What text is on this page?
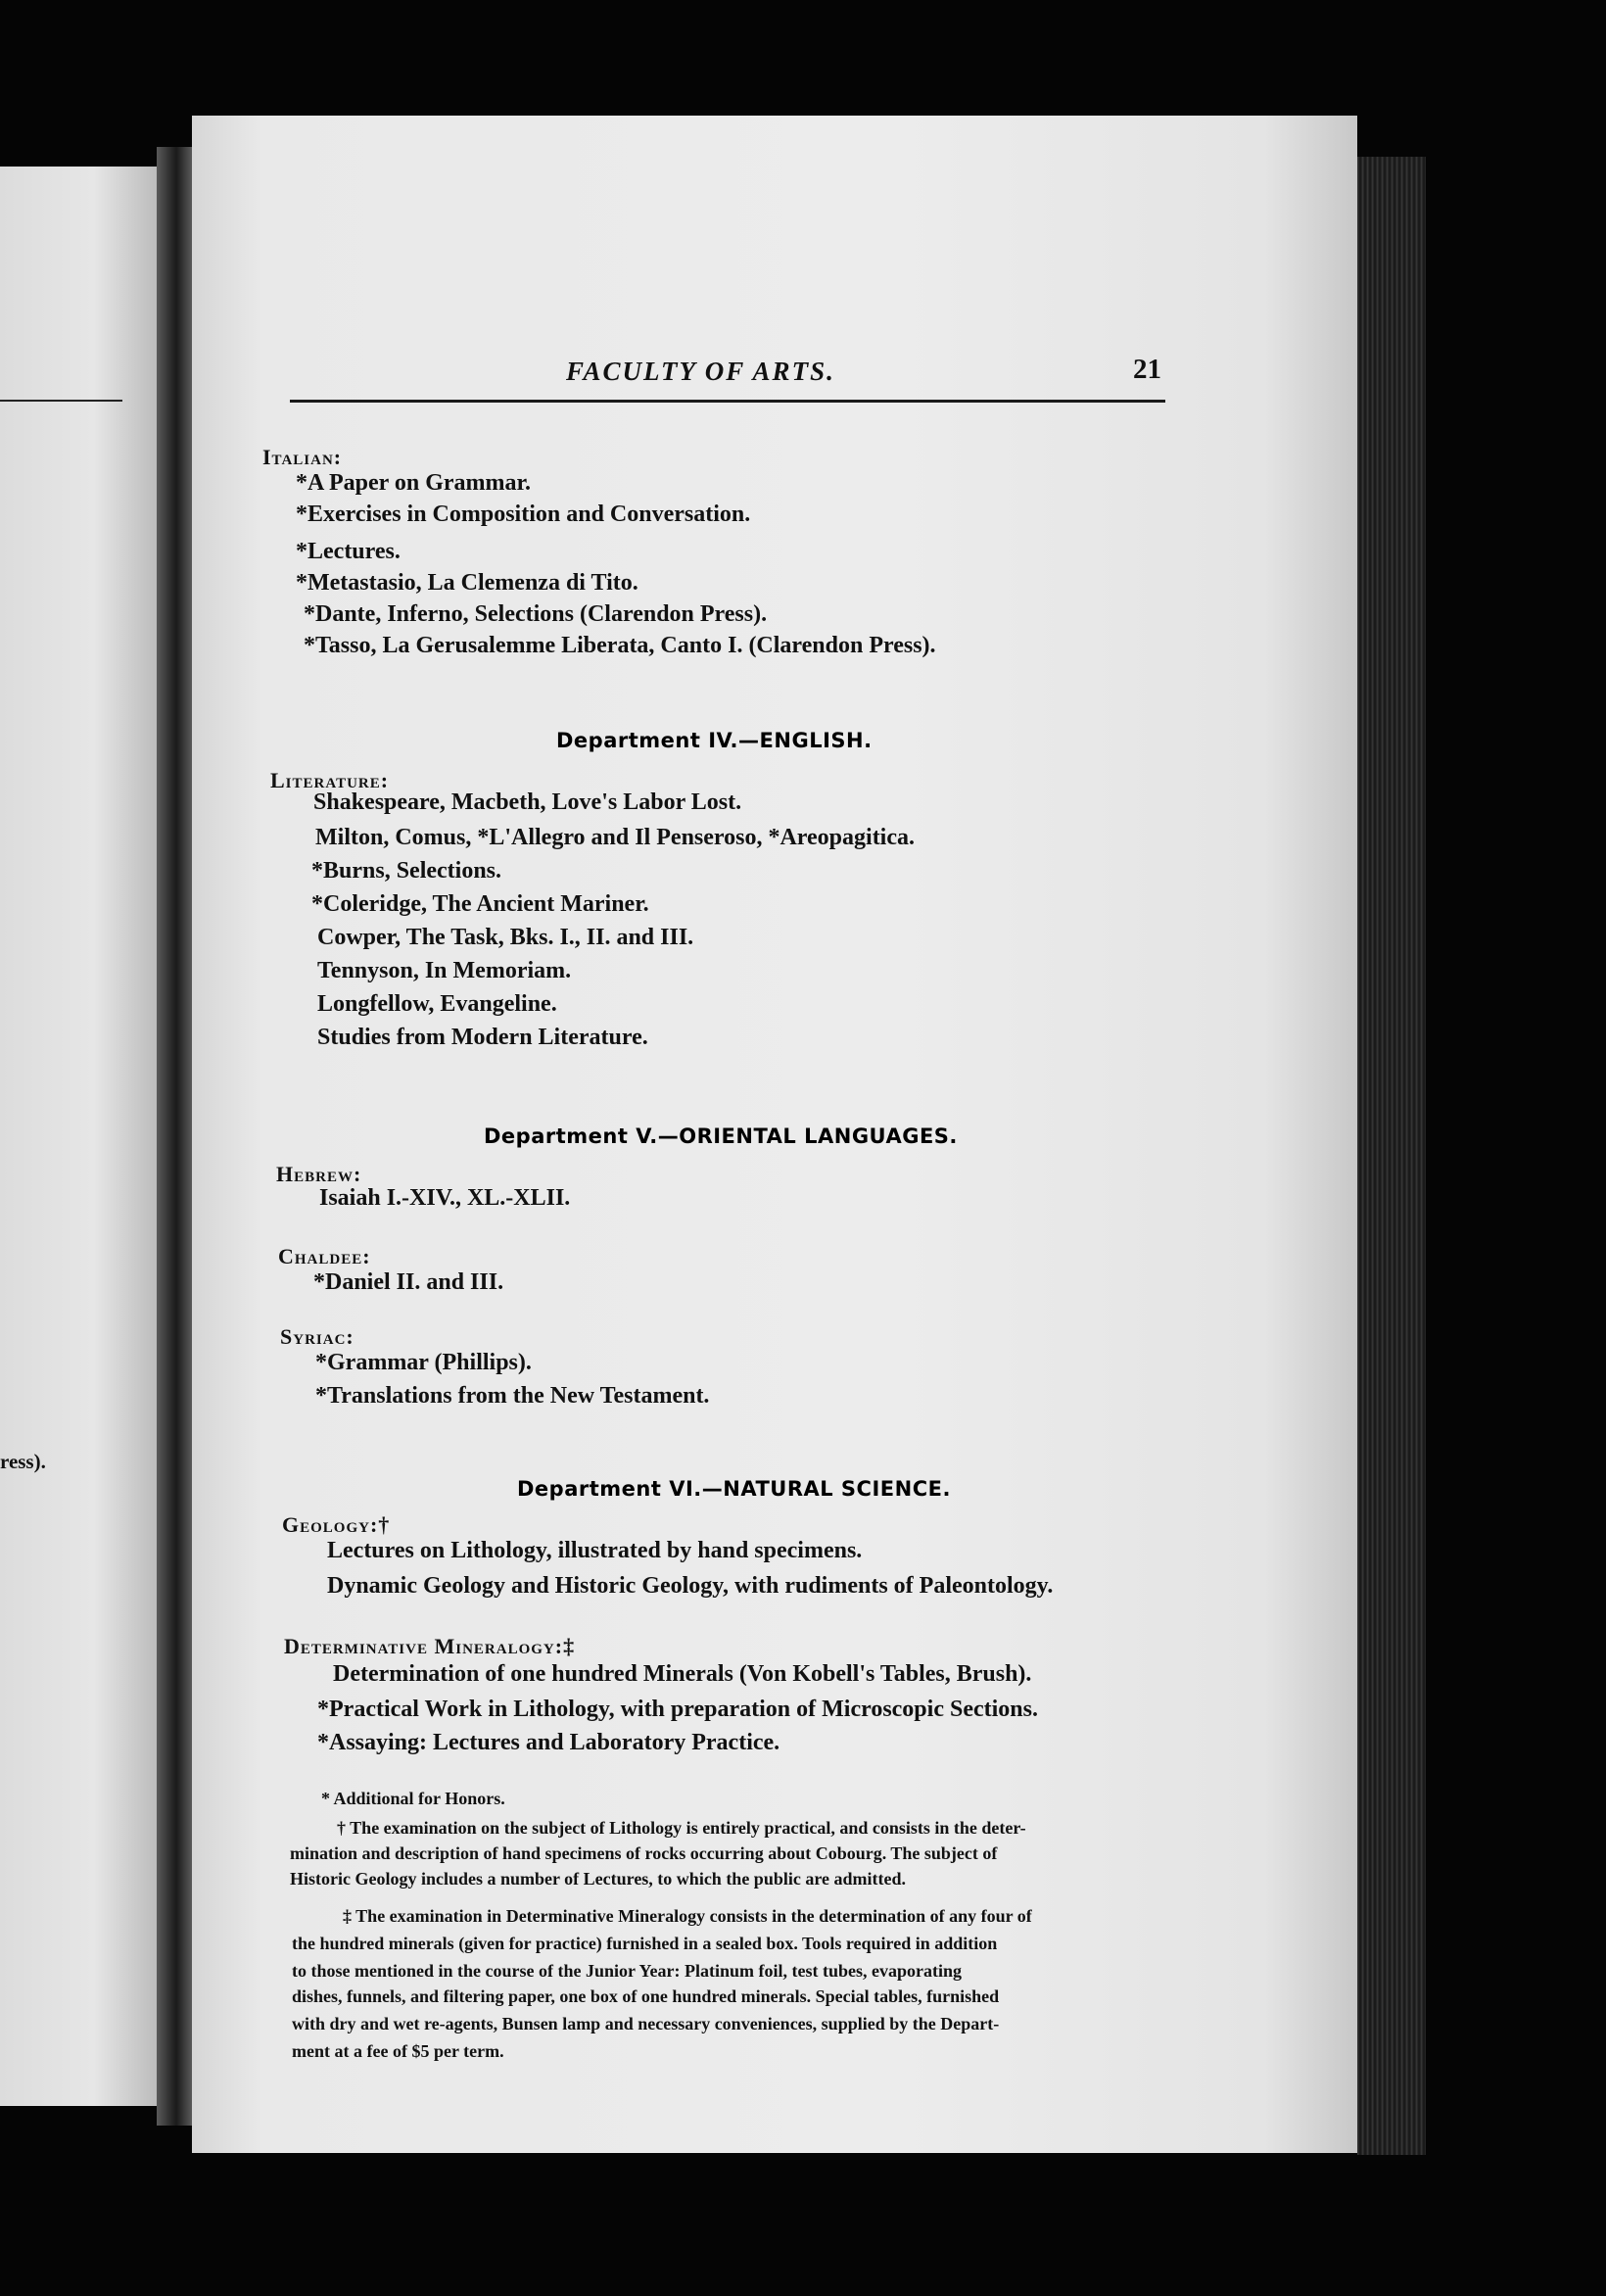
ress).
FACULTY OF ARTS.	21
Italian:
*A Paper on Grammar.
*Exercises in Composition and Conversation.
*Lectures.
*Metastasio, La Clemenza di Tito.
*Dante, Inferno, Selections (Clarendon Press).
*Tasso, La Gerusalemme Liberata, Canto I. (Clarendon Press).
Department IV.—ENGLISH.
Literature:
Shakespeare, Macbeth, Love's Labor Lost.
Milton, Comus, *L'Allegro and Il Penseroso, *Areopagitica.
*Burns, Selections.
*Coleridge, The Ancient Mariner.
Cowper, The Task, Bks. I., II. and III.
Tennyson, In Memoriam.
Longfellow, Evangeline.
Studies from Modern Literature.
Department V.—ORIENTAL LANGUAGES.
Hebrew:
Isaiah I.-XIV., XL.-XLII.
Chaldee:
*Daniel II. and III.
Syriac:
*Grammar (Phillips).
*Translations from the New Testament.
Department VI.—NATURAL SCIENCE.
Geology:†
Lectures on Lithology, illustrated by hand specimens.
Dynamic Geology and Historic Geology, with rudiments of Paleontology.
Determinative Mineralogy:‡
Determination of one hundred Minerals (Von Kobell's Tables, Brush).
*Practical Work in Lithology, with preparation of Microscopic Sections.
*Assaying: Lectures and Laboratory Practice.
* Additional for Honors.
† The examination on the subject of Lithology is entirely practical, and consists in the deter-
mination and description of hand specimens of rocks occurring about Cobourg. The subject of
Historic Geology includes a number of Lectures, to which the public are admitted.
‡ The examination in Determinative Mineralogy consists in the determination of any four of
the hundred minerals (given for practice) furnished in a sealed box. Tools required in addition
to those mentioned in the course of the Junior Year: Platinum foil, test tubes, evaporating
dishes, funnels, and filtering paper, one box of one hundred minerals. Special tables, furnished
with dry and wet re-agents, Bunsen lamp and necessary conveniences, supplied by the Depart-
ment at a fee of $5 per term.
